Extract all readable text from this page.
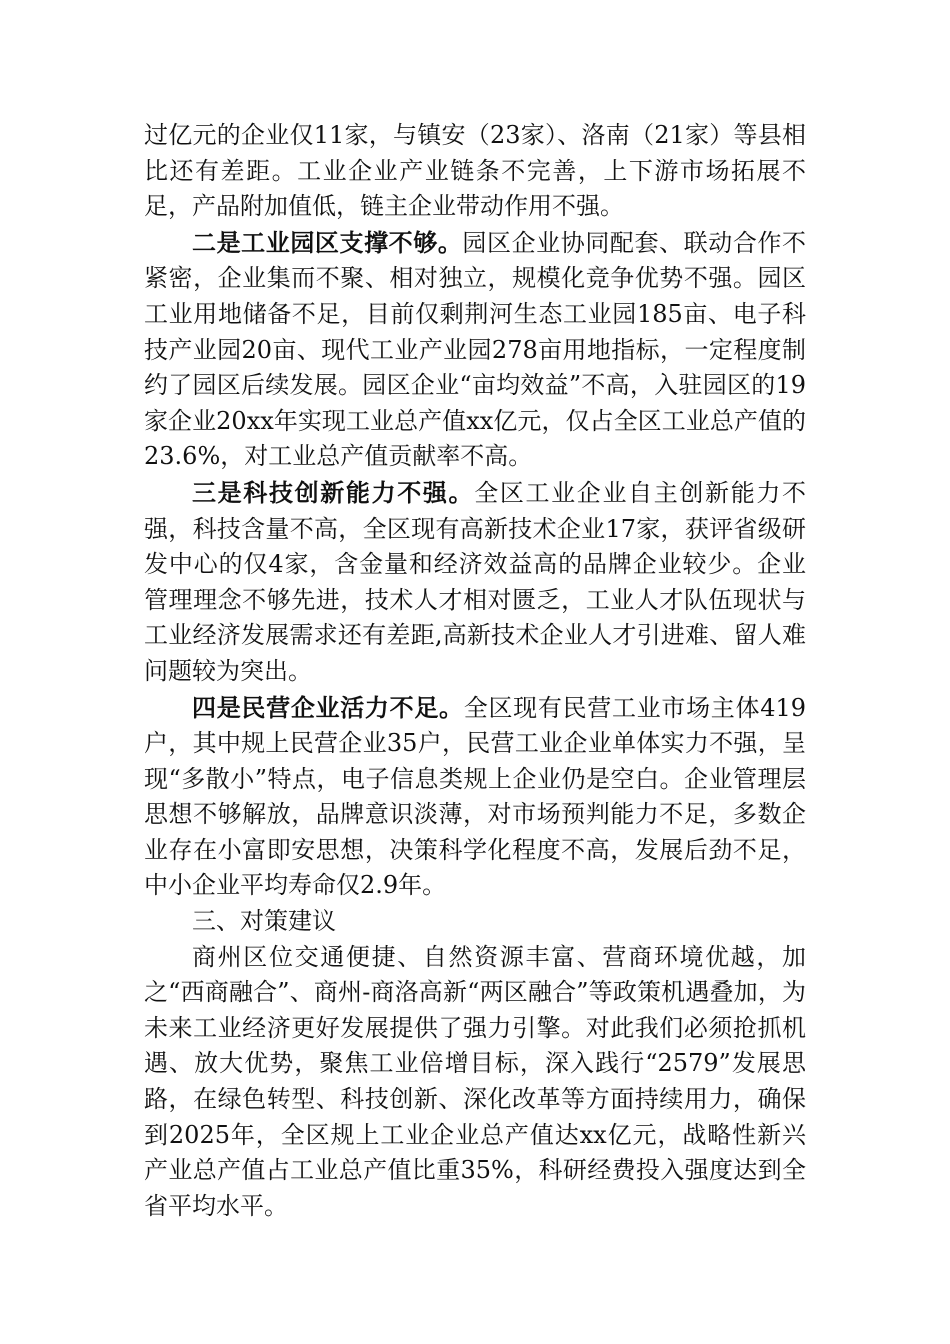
过亿元的企业仅11家，与镇安（23家）、洛南（21家）等县相比还有差距。工业企业产业链条不完善，上下游市场拓展不足，产品附加值低，链主企业带动作用不强。

二是工业园区支撑不够。园区企业协同配套、联动合作不紧密，企业集而不聚、相对独立，规模化竞争优势不强。园区工业用地储备不足，目前仅剩荆河生态工业园185亩、电子科技产业园20亩、现代工业产业园278亩用地指标，一定程度制约了园区后续发展。园区企业“亩均效益”不高，入驻园区的19家企业20xx年实现工业总产值xx亿元，仅占全区工业总产值的23.6%，对工业总产值贡献率不高。

三是科技创新能力不强。全区工业企业自主创新能力不强，科技含量不高，全区现有高新技术企业17家，获评省级研发中心的仅4家，含金量和经济效益高的品牌企业较少。企业管理理念不够先进，技术人才相对匮乏，工业人才队伍现状与工业经济发展需求还有差距,高新技术企业人才引进难、留人难问题较为突出。

四是民营企业活力不足。全区现有民营工业市场主体419户，其中规上民营企业35户，民营工业企业单体实力不强，呈现“多散小”特点，电子信息类规上企业仍是空白。企业管理层思想不够解放，品牌意识淡薄，对市场预判能力不足，多数企业存在小富即安思想，决策科学化程度不高，发展后劲不足，中小企业平均寿命仅2.9年。

三、对策建议

商州区位交通便捷、自然资源丰富、营商环境优越，加之“西商融合”、商州-商洛高新“两区融合”等政策机遇叠加，为未来工业经济更好发展提供了强力引擎。对此我们必须抢抓机遇、放大优势，聚焦工业倍增目标，深入践行“2579”发展思路，在绿色转型、科技创新、深化改革等方面持续用力，确保到2025年，全区规上工业企业总产值达xx亿元，战略性新兴产业总产值占工业总产值比重35%，科研经费投入强度达到全省平均水平。
